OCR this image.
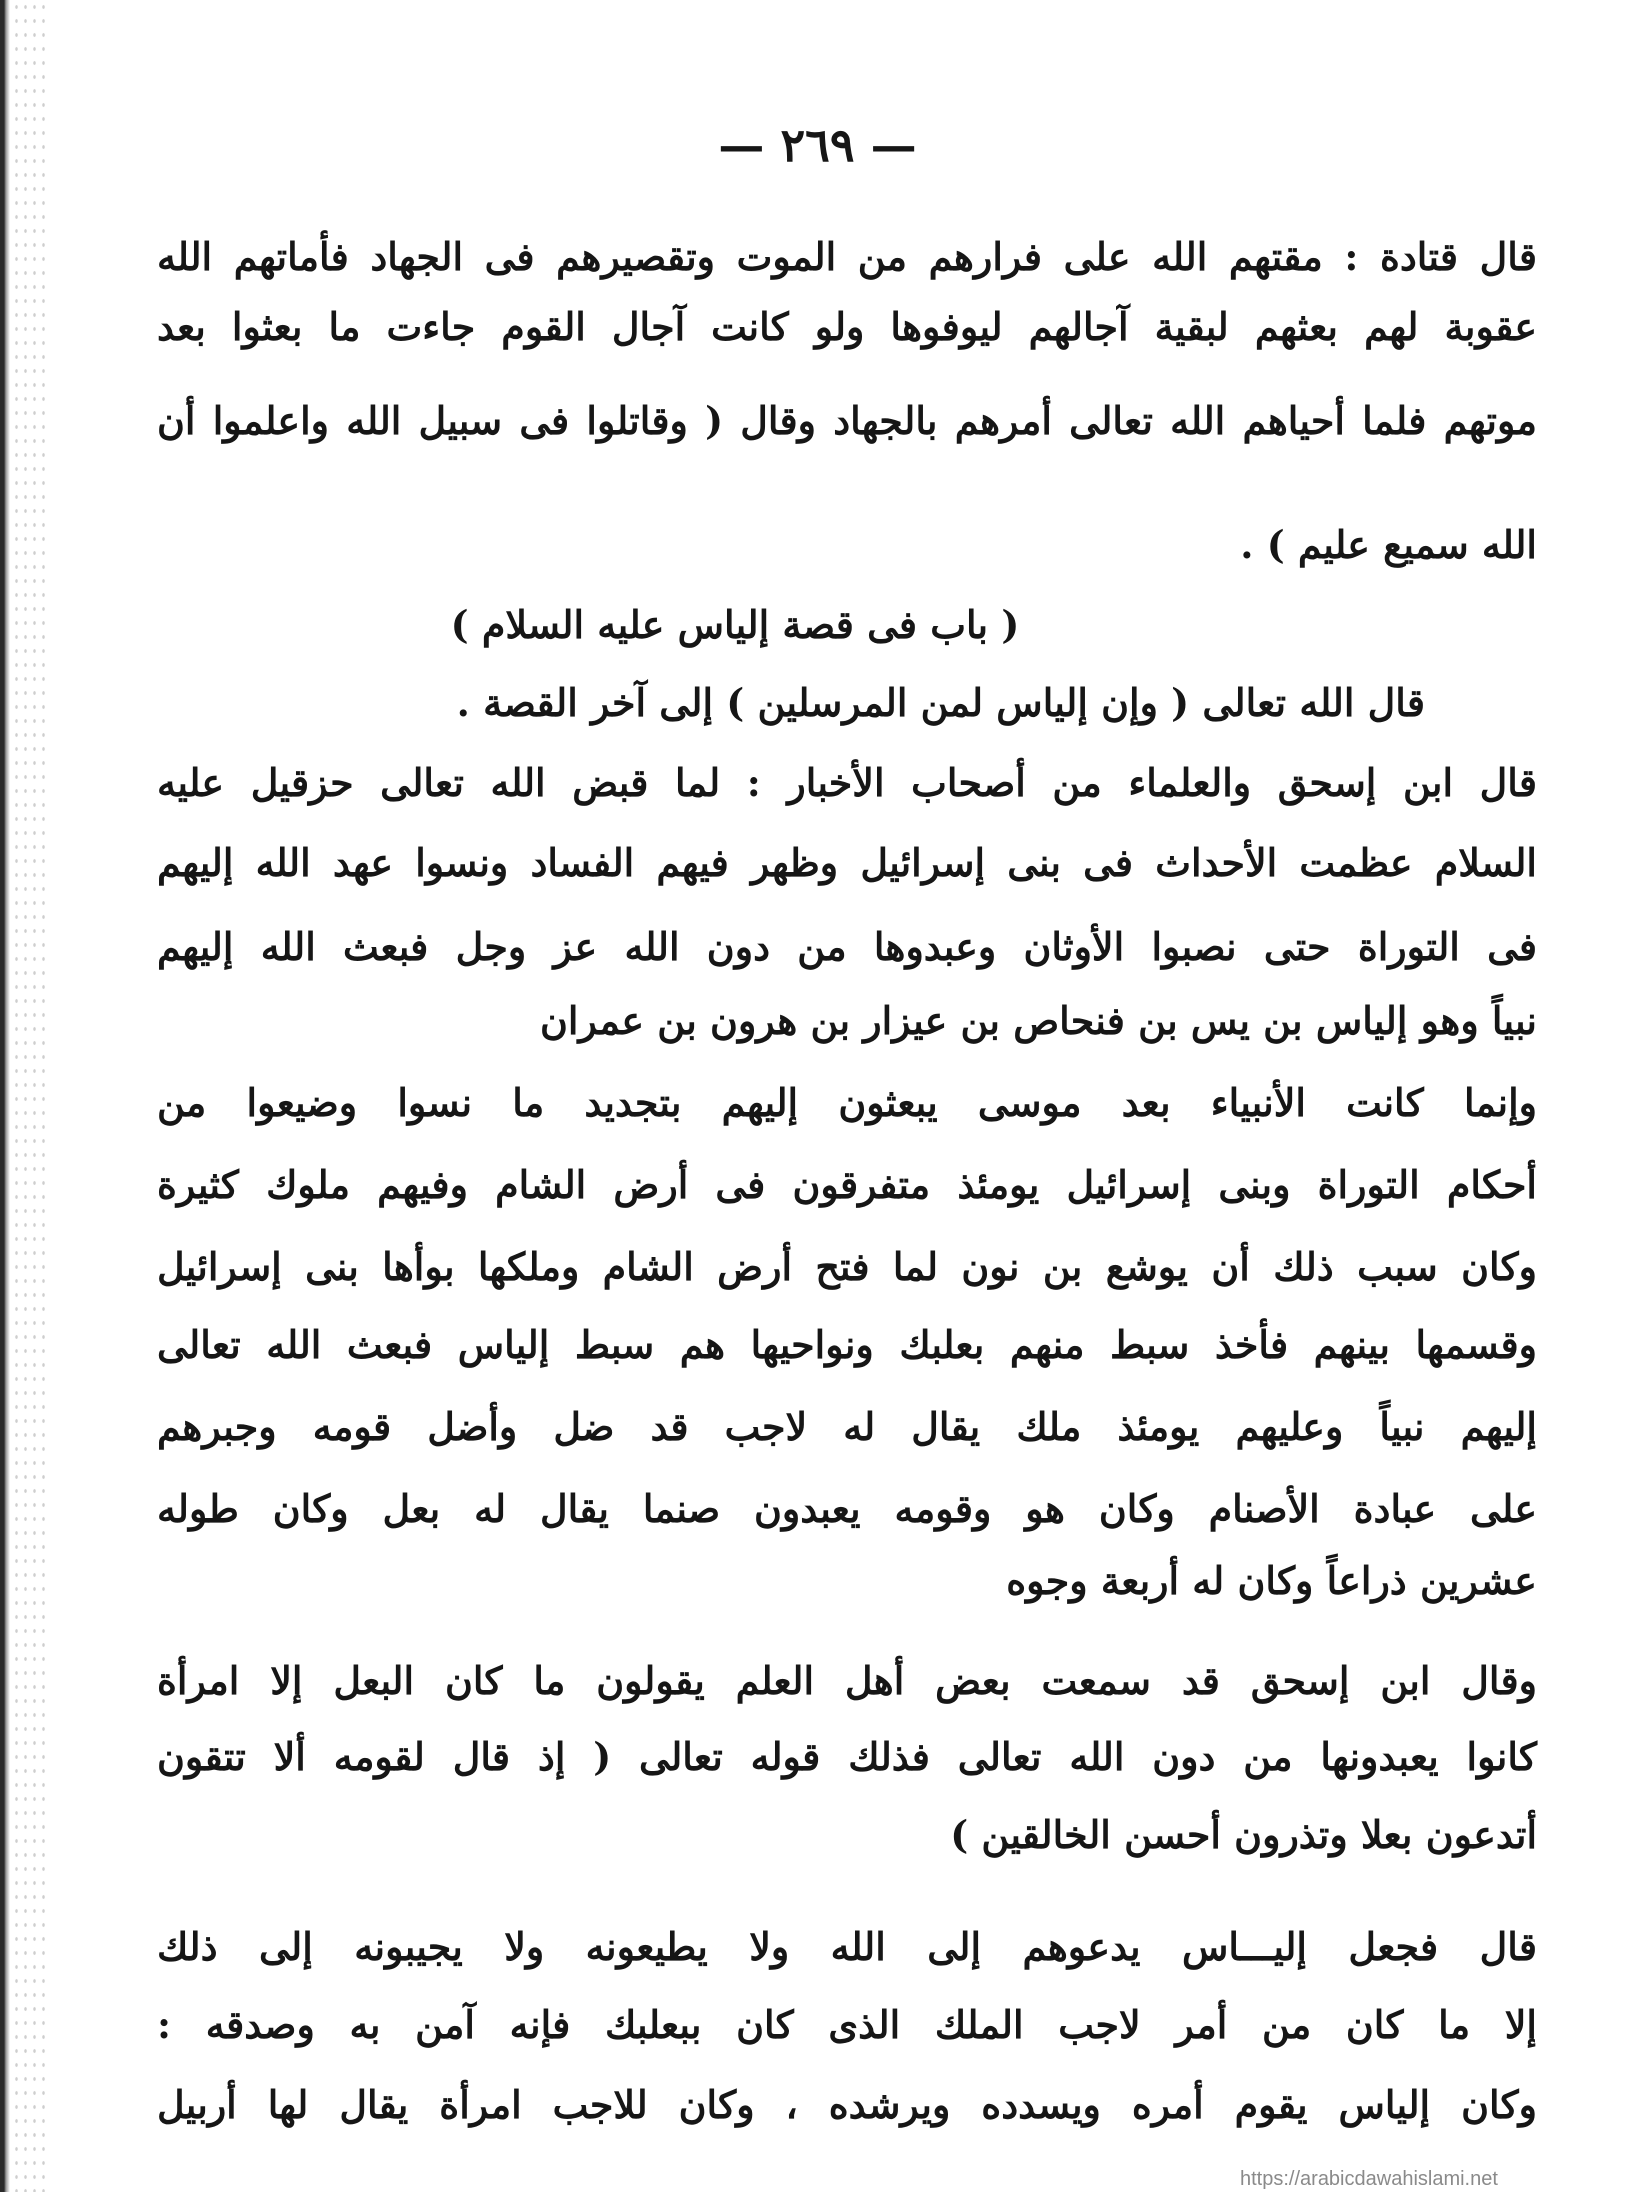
— ٢٦٩ —
قال قتادة : مقتهم الله على فرارهم من الموت وتقصيرهم فى الجهاد فأماتهم الله
عقوبة لهم بعثهم لبقية آجالهم ليوفوها ولو كانت آجال القوم جاءت ما بعثوا بعد
موتهم فلما أحياهم الله تعالى أمرهم بالجهاد وقال ( وقاتلوا فى سبيل الله واعلموا أن
الله سميع عليم ) .
( باب فى قصة إلياس عليه السلام )
قال الله تعالى ( وإن إلياس لمن المرسلين ) إلى آخر القصة .
قال ابن إسحق والعلماء من أصحاب الأخبار : لما قبض الله تعالى حزقيل عليه
السلام عظمت الأحداث فى بنى إسرائيل وظهر فيهم الفساد ونسوا عهد الله إليهم
فى التوراة حتى نصبوا الأوثان وعبدوها من دون الله عز وجل فبعث الله إليهم
نبياً وهو إلياس بن يس بن فنحاص بن عيزار بن هرون بن عمران
وإنما كانت الأنبياء بعد موسى يبعثون إليهم بتجديد ما نسوا وضيعوا من
أحكام التوراة وبنى إسرائيل يومئذ متفرقون فى أرض الشام وفيهم ملوك كثيرة
وكان سبب ذلك أن يوشع بن نون لما فتح أرض الشام وملكها بوأها بنى إسرائيل
وقسمها بينهم فأخذ سبط منهم بعلبك ونواحيها هم سبط إلياس فبعث الله تعالى
إليهم نبياً وعليهم يومئذ ملك يقال له لاجب قد ضل وأضل قومه وجبرهم
على عبادة الأصنام وكان هو وقومه يعبدون صنما يقال له بعل وكان طوله
عشرين ذراعاً وكان له أربعة وجوه
وقال ابن إسحق قد سمعت بعض أهل العلم يقولون ما كان البعل إلا امرأة
كانوا يعبدونها من دون الله تعالى فذلك قوله تعالى ( إذ قال لقومه ألا تتقون
أتدعون بعلا وتذرون أحسن الخالقين )
قال فجعل إليـــاس يدعوهم إلى الله ولا يطيعونه ولا يجيبونه إلى ذلك
إلا ما كان من أمر لاجب الملك الذى كان ببعلبك فإنه آمن به وصدقه :
وكان إلياس يقوم أمره ويسدده ويرشده ، وكان للاجب امرأة يقال لها أربيل
https://arabicdawahislami.net
